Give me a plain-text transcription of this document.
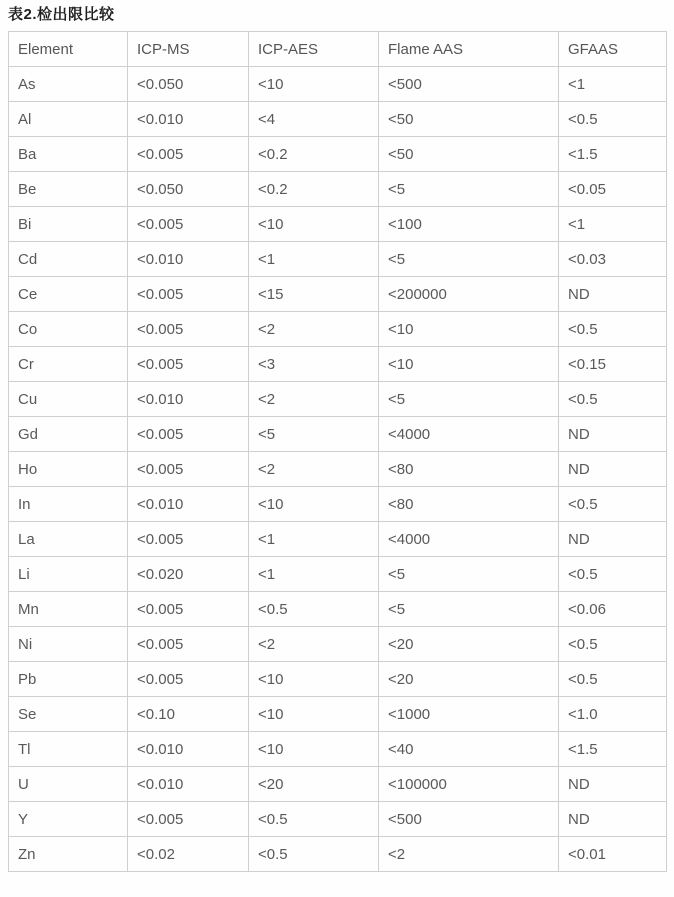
表2.检出限比较
Element	ICP-MS	ICP-AES	Flame AAS	GFAAS
As	<0.050	<10	<500	<1
Al	<0.010	<4	<50	<0.5
Ba	<0.005	<0.2	<50	<1.5
Be	<0.050	<0.2	<5	<0.05
Bi	<0.005	<10	<100	<1
Cd	<0.010	<1	<5	<0.03
Ce	<0.005	<15	<200000	ND
Co	<0.005	<2	<10	<0.5
Cr	<0.005	<3	<10	<0.15
Cu	<0.010	<2	<5	<0.5
Gd	<0.005	<5	<4000	ND
Ho	<0.005	<2	<80	ND
In	<0.010	<10	<80	<0.5
La	<0.005	<1	<4000	ND
Li	<0.020	<1	<5	<0.5
Mn	<0.005	<0.5	<5	<0.06
Ni	<0.005	<2	<20	<0.5
Pb	<0.005	<10	<20	<0.5
Se	<0.10	<10	<1000	<1.0
Tl	<0.010	<10	<40	<1.5
U	<0.010	<20	<100000	ND
Y	<0.005	<0.5	<500	ND
Zn	<0.02	<0.5	<2	<0.01
